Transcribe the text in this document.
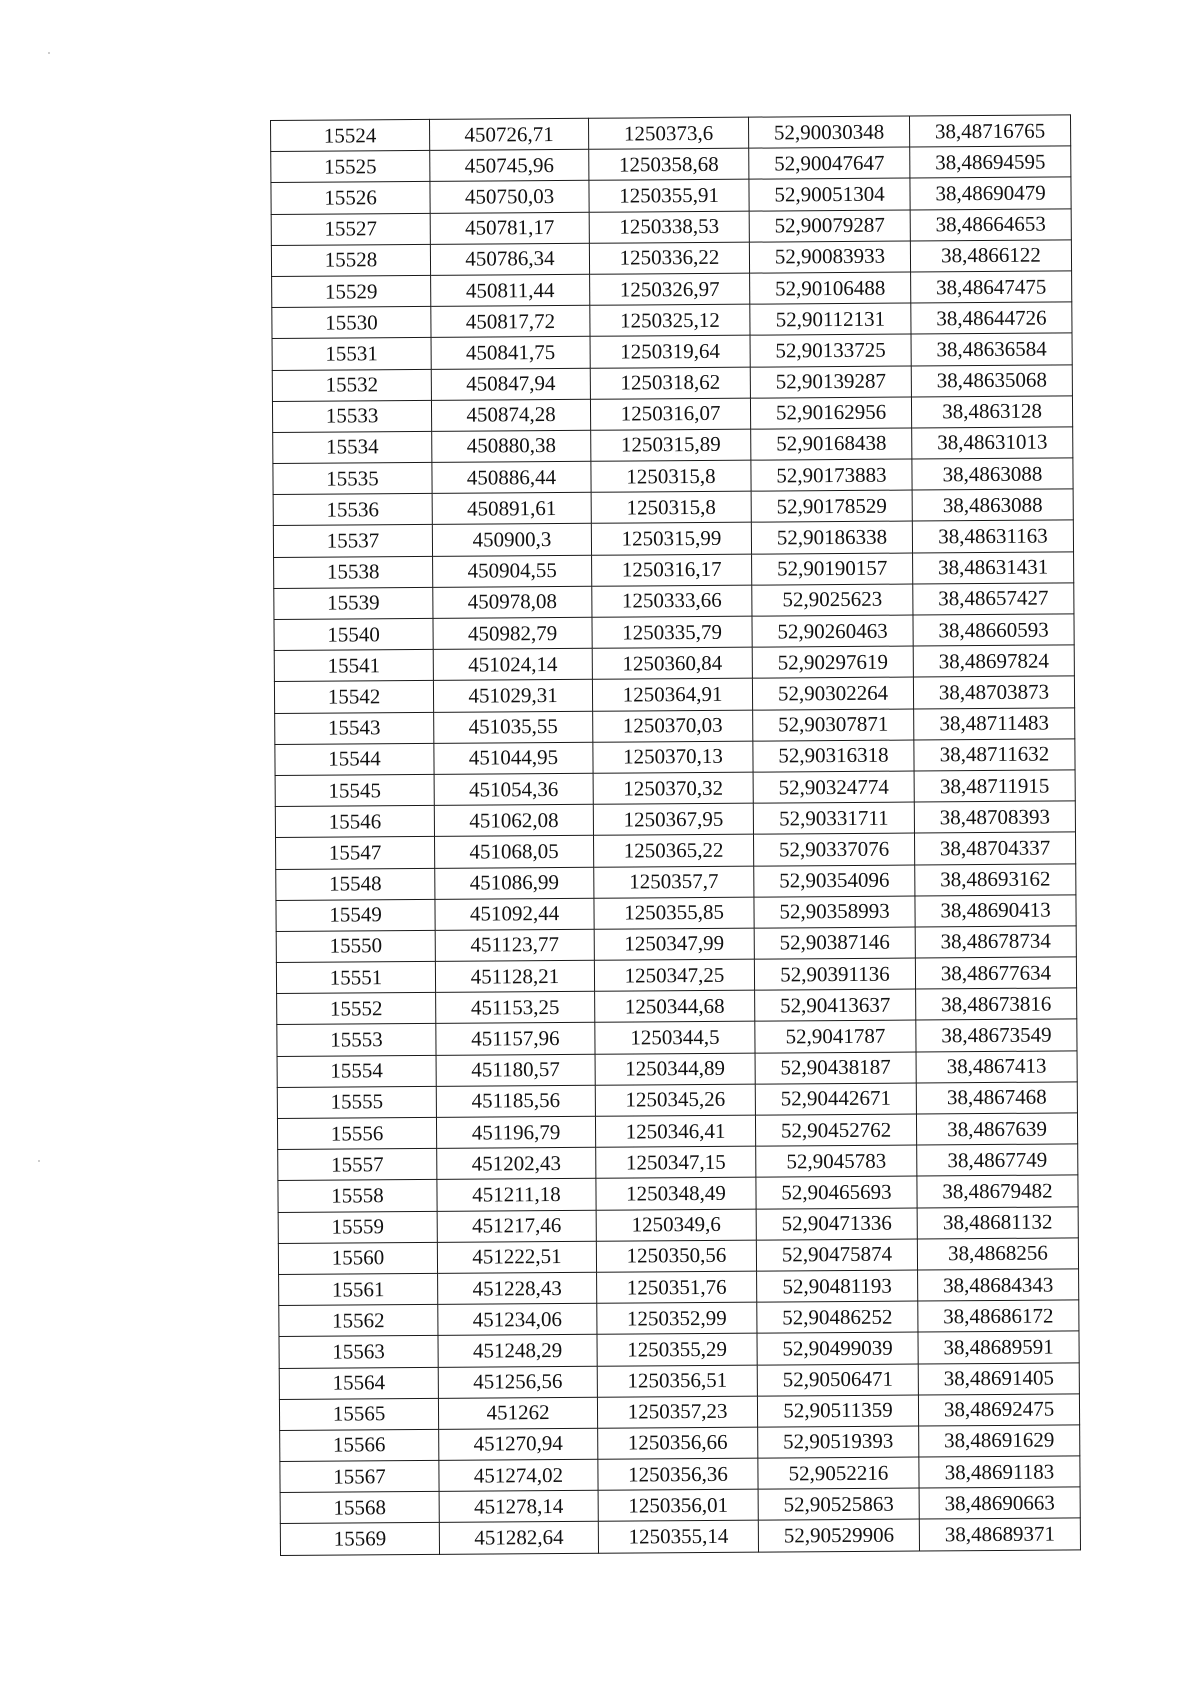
15524	450726,71	1250373,6	52,90030348	38,48716765
15525	450745,96	1250358,68	52,90047647	38,48694595
15526	450750,03	1250355,91	52,90051304	38,48690479
15527	450781,17	1250338,53	52,90079287	38,48664653
15528	450786,34	1250336,22	52,90083933	38,4866122
15529	450811,44	1250326,97	52,90106488	38,48647475
15530	450817,72	1250325,12	52,90112131	38,48644726
15531	450841,75	1250319,64	52,90133725	38,48636584
15532	450847,94	1250318,62	52,90139287	38,48635068
15533	450874,28	1250316,07	52,90162956	38,4863128
15534	450880,38	1250315,89	52,90168438	38,48631013
15535	450886,44	1250315,8	52,90173883	38,4863088
15536	450891,61	1250315,8	52,90178529	38,4863088
15537	450900,3	1250315,99	52,90186338	38,48631163
15538	450904,55	1250316,17	52,90190157	38,48631431
15539	450978,08	1250333,66	52,9025623	38,48657427
15540	450982,79	1250335,79	52,90260463	38,48660593
15541	451024,14	1250360,84	52,90297619	38,48697824
15542	451029,31	1250364,91	52,90302264	38,48703873
15543	451035,55	1250370,03	52,90307871	38,48711483
15544	451044,95	1250370,13	52,90316318	38,48711632
15545	451054,36	1250370,32	52,90324774	38,48711915
15546	451062,08	1250367,95	52,90331711	38,48708393
15547	451068,05	1250365,22	52,90337076	38,48704337
15548	451086,99	1250357,7	52,90354096	38,48693162
15549	451092,44	1250355,85	52,90358993	38,48690413
15550	451123,77	1250347,99	52,90387146	38,48678734
15551	451128,21	1250347,25	52,90391136	38,48677634
15552	451153,25	1250344,68	52,90413637	38,48673816
15553	451157,96	1250344,5	52,9041787	38,48673549
15554	451180,57	1250344,89	52,90438187	38,4867413
15555	451185,56	1250345,26	52,90442671	38,4867468
15556	451196,79	1250346,41	52,90452762	38,4867639
15557	451202,43	1250347,15	52,9045783	38,4867749
15558	451211,18	1250348,49	52,90465693	38,48679482
15559	451217,46	1250349,6	52,90471336	38,48681132
15560	451222,51	1250350,56	52,90475874	38,4868256
15561	451228,43	1250351,76	52,90481193	38,48684343
15562	451234,06	1250352,99	52,90486252	38,48686172
15563	451248,29	1250355,29	52,90499039	38,48689591
15564	451256,56	1250356,51	52,90506471	38,48691405
15565	451262	1250357,23	52,90511359	38,48692475
15566	451270,94	1250356,66	52,90519393	38,48691629
15567	451274,02	1250356,36	52,9052216	38,48691183
15568	451278,14	1250356,01	52,90525863	38,48690663
15569	451282,64	1250355,14	52,90529906	38,48689371
